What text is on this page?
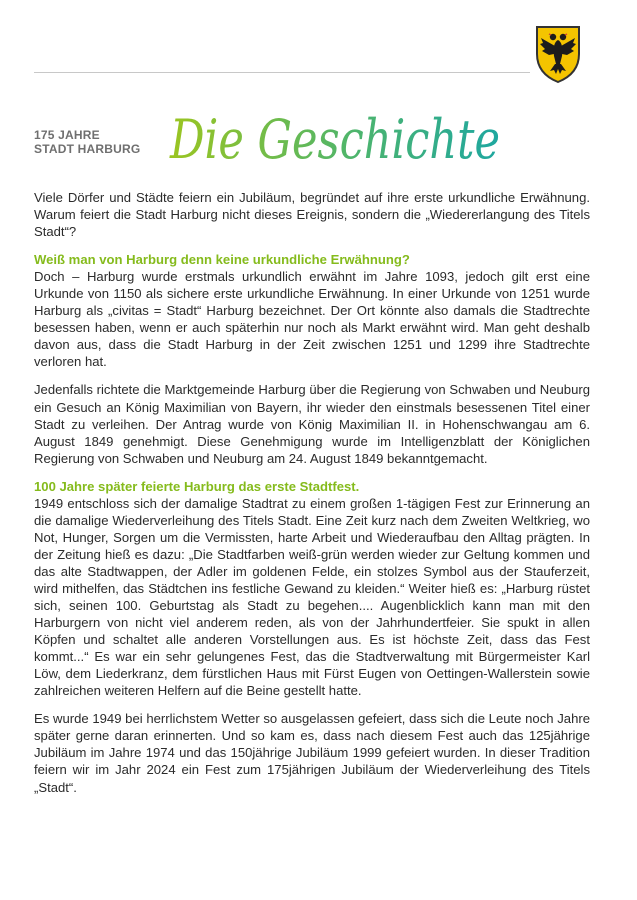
175 JAHRE
STADT HARBURG Die Geschichte

Viele Dörfer und Städte feiern ein Jubiläum, begründet auf ihre erste urkundliche Erwähnung. Warum feiert die Stadt Harburg nicht dieses Ereignis, sondern die „Wiedererlangung des Titels Stadt“?

Weiß man von Harburg denn keine urkundliche Erwähnung?

Doch – Harburg wurde erstmals urkundlich erwähnt im Jahre 1093, jedoch gilt erst eine Urkunde von 1150 als sichere erste urkundliche Erwähnung. In einer Urkunde von 1251 wurde Harburg als „civitas = Stadt“ Harburg bezeichnet. Der Ort könnte also damals die Stadtrechte besessen haben, wenn er auch späterhin nur noch als Markt erwähnt wird. Man geht deshalb davon aus, dass die Stadt Harburg in der Zeit zwischen 1251 und 1299 ihre Stadtrechte verloren hat.

Jedenfalls richtete die Marktgemeinde Harburg über die Regierung von Schwaben und Neuburg ein Gesuch an König Maximilian von Bayern, ihr wieder den einstmals besessenen Titel einer Stadt zu verleihen. Der Antrag wurde von König Maximilian II. in Hohenschwangau am 6. August 1849 genehmigt. Diese Genehmigung wurde im Intelligenzblatt der Königlichen Regierung von Schwaben und Neuburg am 24. August 1849 bekanntgemacht.

100 Jahre später feierte Harburg das erste Stadtfest.

1949 entschloss sich der damalige Stadtrat zu einem großen 1-tägigen Fest zur Erinnerung an die damalige Wiederverleihung des Titels Stadt. Eine Zeit kurz nach dem Zweiten Weltkrieg, wo Not, Hunger, Sorgen um die Vermissten, harte Arbeit und Wiederaufbau den Alltag prägten. In der Zeitung hieß es dazu: „Die Stadtfarben weiß-grün werden wieder zur Geltung kommen und das alte Stadtwappen, der Adler im goldenen Felde, ein stolzes Symbol aus der Stauferzeit, wird mithelfen, das Städtchen ins festliche Gewand zu kleiden.“ Weiter hieß es: „Harburg rüstet sich, seinen 100. Geburtstag als Stadt zu begehen.... Augenblicklich kann man mit den Harburgern von nicht viel anderem reden, als von der Jahrhundertfeier. Sie spukt in allen Köpfen und schaltet alle anderen Vorstellungen aus. Es ist höchste Zeit, dass das Fest kommt...“ Es war ein sehr gelungenes Fest, das die Stadtverwaltung mit Bürgermeister Karl Löw, dem Liederkranz, dem fürstlichen Haus mit Fürst Eugen von Oettingen-Wallerstein sowie zahlreichen weiteren Helfern auf die Beine gestellt hatte.

Es wurde 1949 bei herrlichstem Wetter so ausgelassen gefeiert, dass sich die Leute noch Jahre später gerne daran erinnerten. Und so kam es, dass nach diesem Fest auch das 125jährige Jubiläum im Jahre 1974 und das 150jährige Jubiläum 1999 gefeiert wurden. In dieser Tradition feiern wir im Jahr 2024 ein Fest zum 175jährigen Jubiläum der Wiederverleihung des Titels „Stadt“.
